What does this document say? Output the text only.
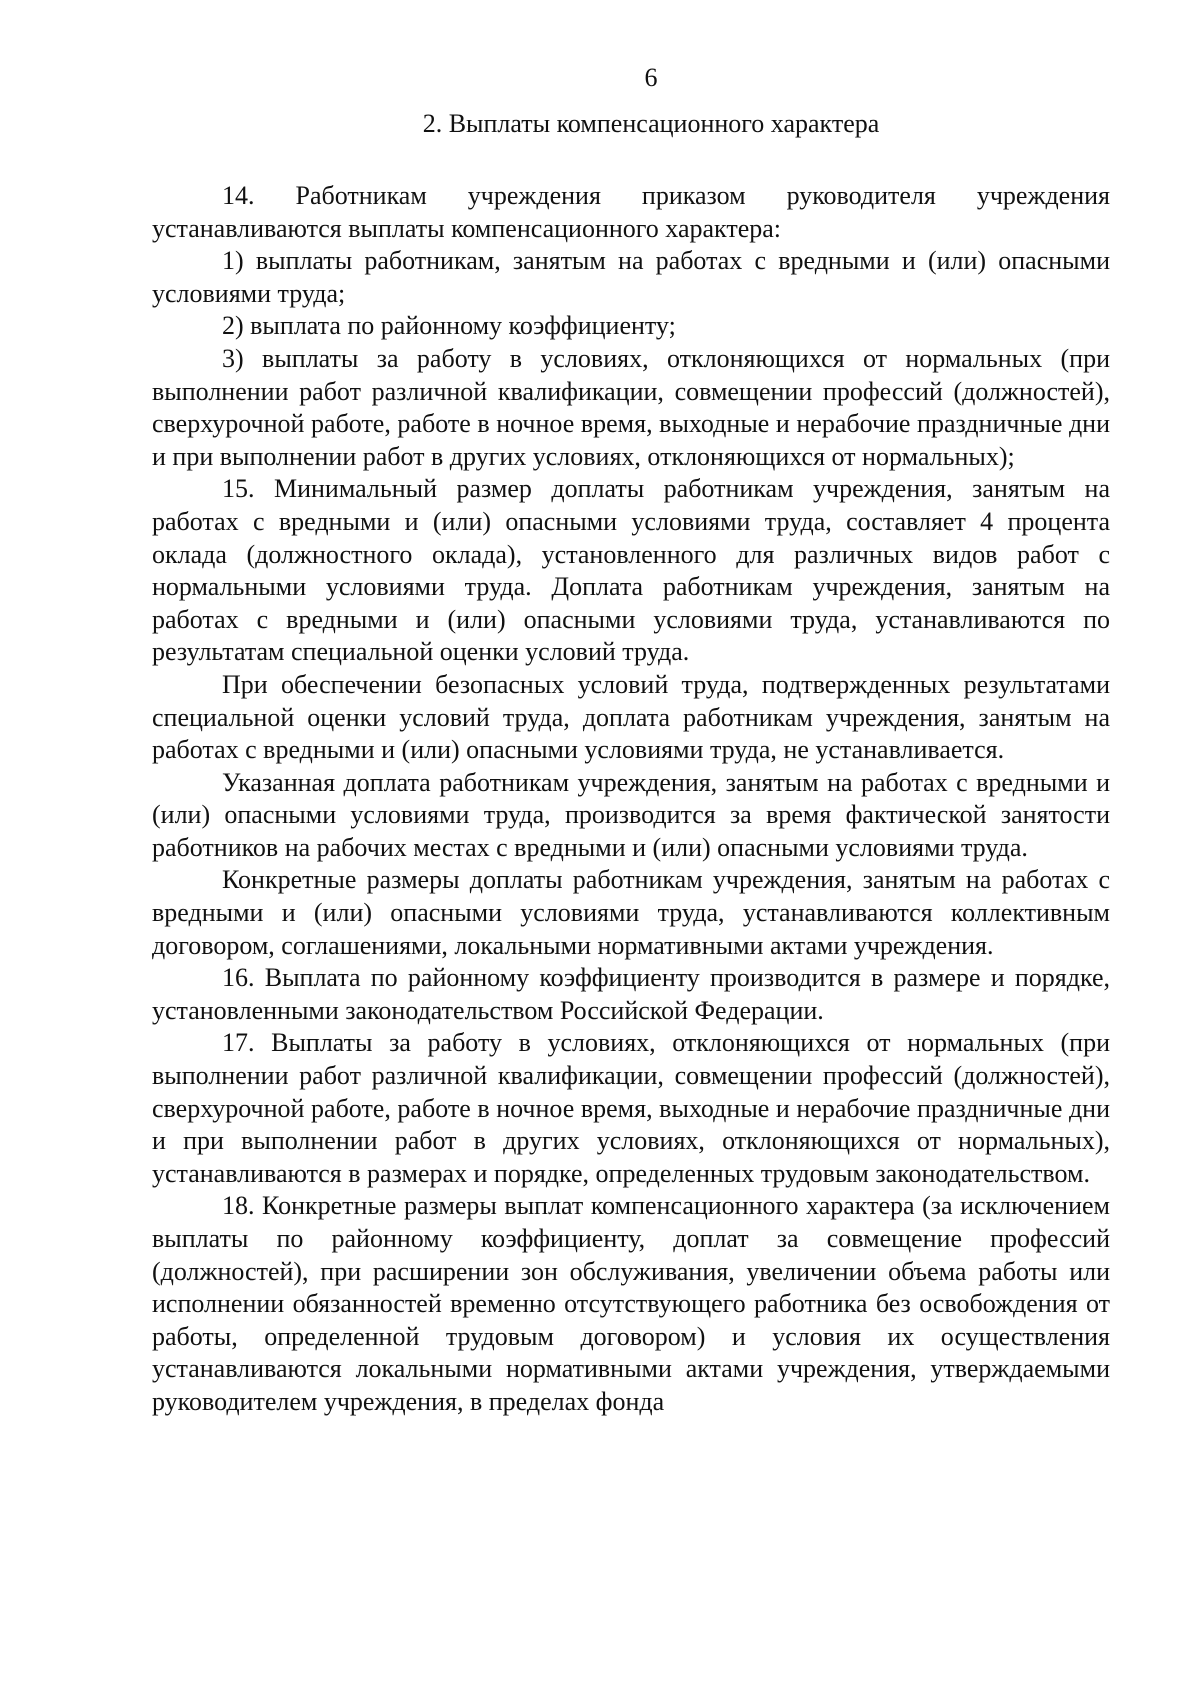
6
2. Выплаты компенсационного характера

14. Работникам учреждения приказом руководителя учреждения устанавливаются выплаты компенсационного характера:

1) выплаты работникам, занятым на работах с вредными и (или) опасными условиями труда;

2) выплата по районному коэффициенту;

3) выплаты за работу в условиях, отклоняющихся от нормальных (при выполнении работ различной квалификации, совмещении профессий (должностей), сверхурочной работе, работе в ночное время, выходные и нерабочие праздничные дни и при выполнении работ в других условиях, отклоняющихся от нормальных);

15. Минимальный размер доплаты работникам учреждения, занятым на работах с вредными и (или) опасными условиями труда, составляет 4 процента оклада (должностного оклада), установленного для различных видов работ с нормальными условиями труда. Доплата работникам учреждения, занятым на работах с вредными и (или) опасными условиями труда, устанавливаются по результатам специальной оценки условий труда.

При обеспечении безопасных условий труда, подтвержденных результатами специальной оценки условий труда, доплата работникам учреждения, занятым на работах с вредными и (или) опасными условиями труда, не устанавливается.

Указанная доплата работникам учреждения, занятым на работах с вредными и (или) опасными условиями труда, производится за время фактической занятости работников на рабочих местах с вредными и (или) опасными условиями труда.

Конкретные размеры доплаты работникам учреждения, занятым на работах с вредными и (или) опасными условиями труда, устанавливаются коллективным договором, соглашениями, локальными нормативными актами учреждения.

16. Выплата по районному коэффициенту производится в размере и порядке, установленными законодательством Российской Федерации.

17. Выплаты за работу в условиях, отклоняющихся от нормальных (при выполнении работ различной квалификации, совмещении профессий (должностей), сверхурочной работе, работе в ночное время, выходные и нерабочие праздничные дни и при выполнении работ в других условиях, отклоняющихся от нормальных), устанавливаются в размерах и порядке, определенных трудовым законодательством.

18. Конкретные размеры выплат компенсационного характера (за исключением выплаты по районному коэффициенту, доплат за совмещение профессий (должностей), при расширении зон обслуживания, увеличении объема работы или исполнении обязанностей временно отсутствующего работника без освобождения от работы, определенной трудовым договором) и условия их осуществления устанавливаются локальными нормативными актами учреждения, утверждаемыми руководителем учреждения, в пределах фонда
